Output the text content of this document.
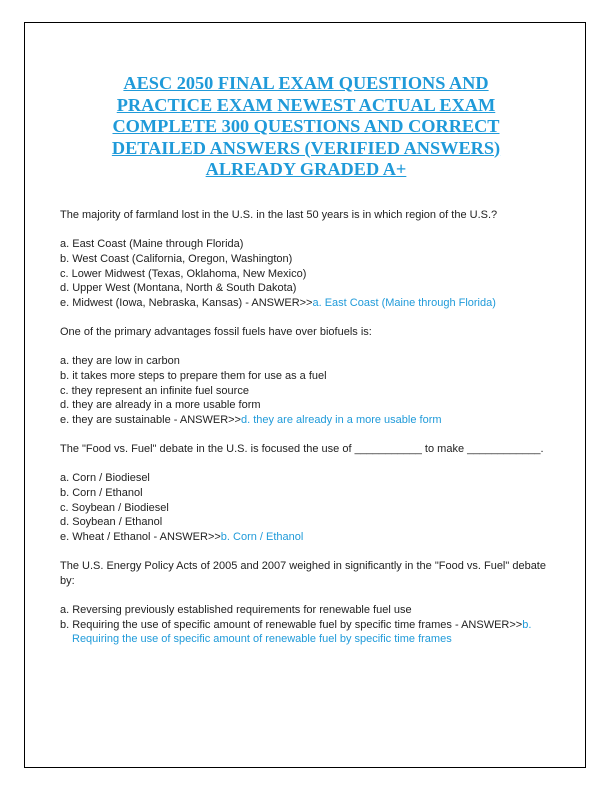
AESC 2050 FINAL EXAM QUESTIONS AND PRACTICE EXAM NEWEST ACTUAL EXAM COMPLETE 300 QUESTIONS AND CORRECT DETAILED ANSWERS (VERIFIED ANSWERS) ALREADY GRADED A+

The majority of farmland lost in the U.S. in the last 50 years is in which region of the U.S.?

a. East Coast (Maine through Florida)
b. West Coast (California, Oregon, Washington)
c. Lower Midwest (Texas, Oklahoma, New Mexico)
d. Upper West (Montana, North & South Dakota)
e. Midwest (Iowa, Nebraska, Kansas) - ANSWER>>a. East Coast (Maine through Florida)

One of the primary advantages fossil fuels have over biofuels is:

a. they are low in carbon
b. it takes more steps to prepare them for use as a fuel
c. they represent an infinite fuel source
d. they are already in a more usable form
e. they are sustainable - ANSWER>>d. they are already in a more usable form

The "Food vs. Fuel" debate in the U.S. is focused the use of ___________ to make ____________.

a. Corn / Biodiesel
b. Corn / Ethanol
c. Soybean / Biodiesel
d. Soybean / Ethanol
e. Wheat / Ethanol - ANSWER>>b. Corn / Ethanol

The U.S. Energy Policy Acts of 2005 and 2007 weighed in significantly in the "Food vs. Fuel" debate by:

a. Reversing previously established requirements for renewable fuel use
b. Requiring the use of specific amount of renewable fuel by specific time frames - ANSWER>>b. Requiring the use of specific amount of renewable fuel by specific time frames
